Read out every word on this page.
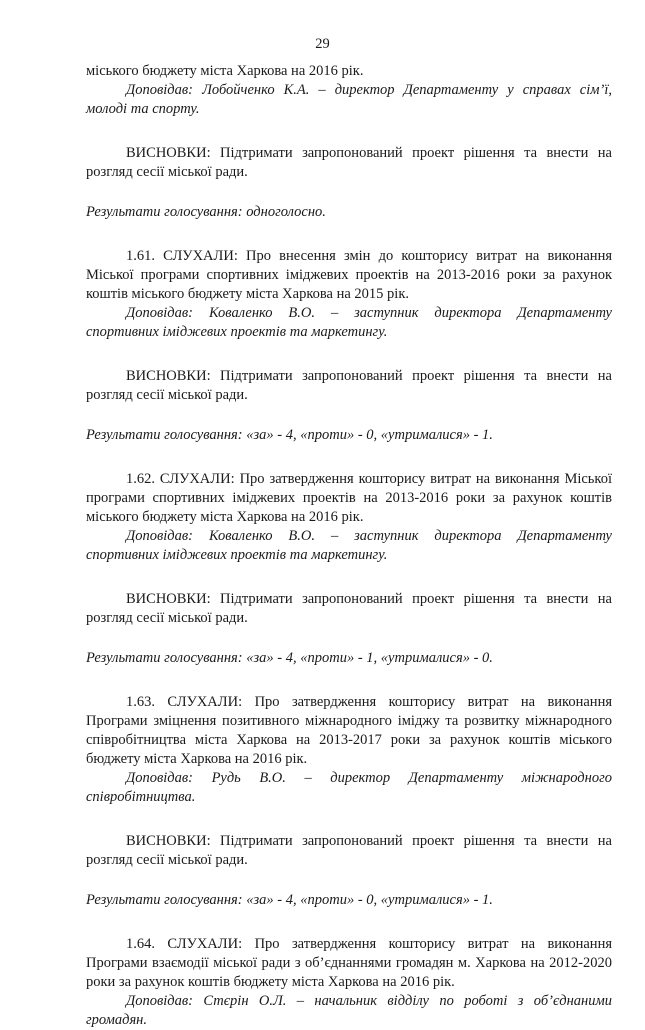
29

міського бюджету міста Харкова на 2016 рік.

Доповідав: Лобойченко К.А. – директор Департаменту у справах сім’ї, молоді та спорту.

ВИСНОВКИ: Підтримати запропонований проект рішення та внести на розгляд сесії міської ради.

Результати голосування: одноголосно.

1.61. СЛУХАЛИ: Про внесення змін до кошторису витрат на виконання Міської програми спортивних іміджевих проектів на 2013-2016 роки за рахунок коштів міського бюджету міста Харкова на 2015 рік.

Доповідав: Коваленко В.О. – заступник директора Департаменту спортивних іміджевих проектів та маркетингу.

ВИСНОВКИ: Підтримати запропонований проект рішення та внести на розгляд сесії міської ради.

Результати голосування: «за» - 4, «проти» - 0, «утрималися» - 1.

1.62. СЛУХАЛИ: Про затвердження кошторису витрат на виконання Міської програми спортивних іміджевих проектів на 2013-2016 роки за рахунок коштів міського бюджету міста Харкова на 2016 рік.

Доповідав: Коваленко В.О. – заступник директора Департаменту спортивних іміджевих проектів та маркетингу.

ВИСНОВКИ: Підтримати запропонований проект рішення та внести на розгляд сесії міської ради.

Результати голосування: «за» - 4, «проти» - 1, «утрималися» - 0.

1.63. СЛУХАЛИ: Про затвердження кошторису витрат на виконання Програми зміцнення позитивного міжнародного іміджу та розвитку міжнародного співробітництва міста Харкова на 2013-2017 роки за рахунок коштів міського бюджету міста Харкова на 2016 рік.

Доповідав: Рудь В.О. – директор Департаменту міжнародного співробітництва.

ВИСНОВКИ: Підтримати запропонований проект рішення та внести на розгляд сесії міської ради.

Результати голосування: «за» - 4, «проти» - 0, «утрималися» - 1.

1.64. СЛУХАЛИ: Про затвердження кошторису витрат на виконання Програми взаємодії міської ради з об’єднаннями громадян м. Харкова на 2012-2020 роки за рахунок коштів бюджету міста Харкова на 2016 рік.

Доповідав: Стєрін О.Л. – начальник відділу по роботі з об’єднаними громадян.
